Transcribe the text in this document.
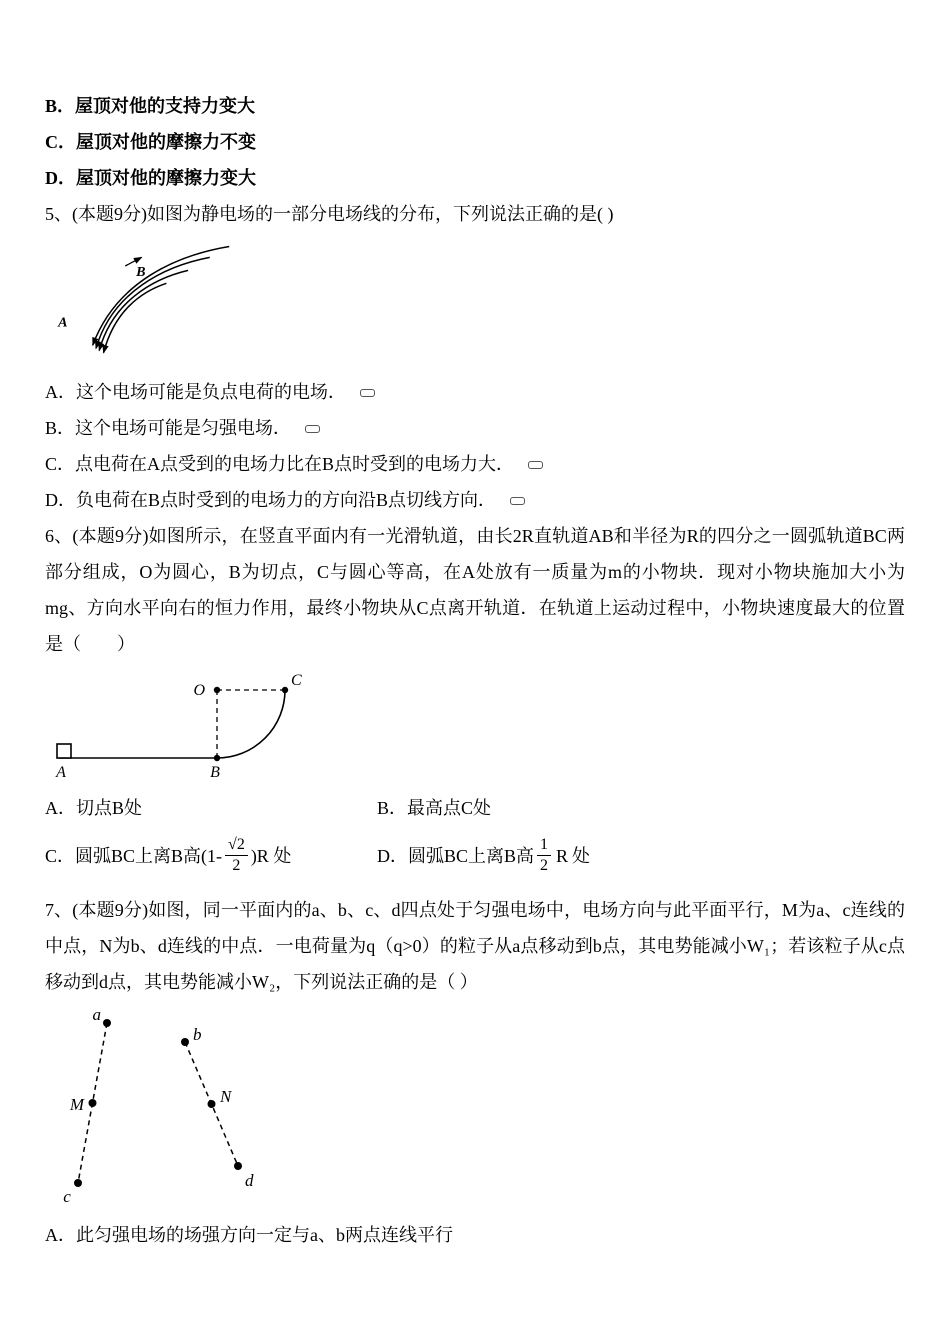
B．屋顶对他的支持力变大

C．屋顶对他的摩擦力不变

D．屋顶对他的摩擦力变大

5、(本题9分)如图为静电场的一部分电场线的分布，下列说法正确的是( )

A
B

A．这个电场可能是负点电荷的电场．

B．这个电场可能是匀强电场．

C．点电荷在A点受到的电场力比在B点时受到的电场力大．

D．负电荷在B点时受到的电场力的方向沿B点切线方向．

6、(本题9分)如图所示，在竖直平面内有一光滑轨道，由长2R直轨道AB和半径为R的四分之一圆弧轨道BC两部分组成，O为圆心，B为切点，C与圆心等高，在A处放有一质量为m的小物块．现对小物块施加大小为mg、方向水平向右的恒力作用，最终小物块从C点离开轨道．在轨道上运动过程中，小物块速度最大的位置是（　　）

O
C
A	B

A．切点B处	B．最高点C处

C．圆弧BC上离B高$(1- \frac{√2}{2} )R$ 处	D．圆弧BC上离B高 $\frac{1}{2}$ R 处

7、(本题9分)如图，同一平面内的a、b、c、d四点处于匀强电场中，电场方向与此平面平行，M为a、c连线的中点，N为b、d连线的中点．一电荷量为q（q>0）的粒子从a点移动到b点，其电势能减小W₁；若该粒子从c点移动到d点，其电势能减小W₂，下列说法正确的是（ ）

a
b
c
d
M	N

A．此匀强电场的场强方向一定与a、b两点连线平行
